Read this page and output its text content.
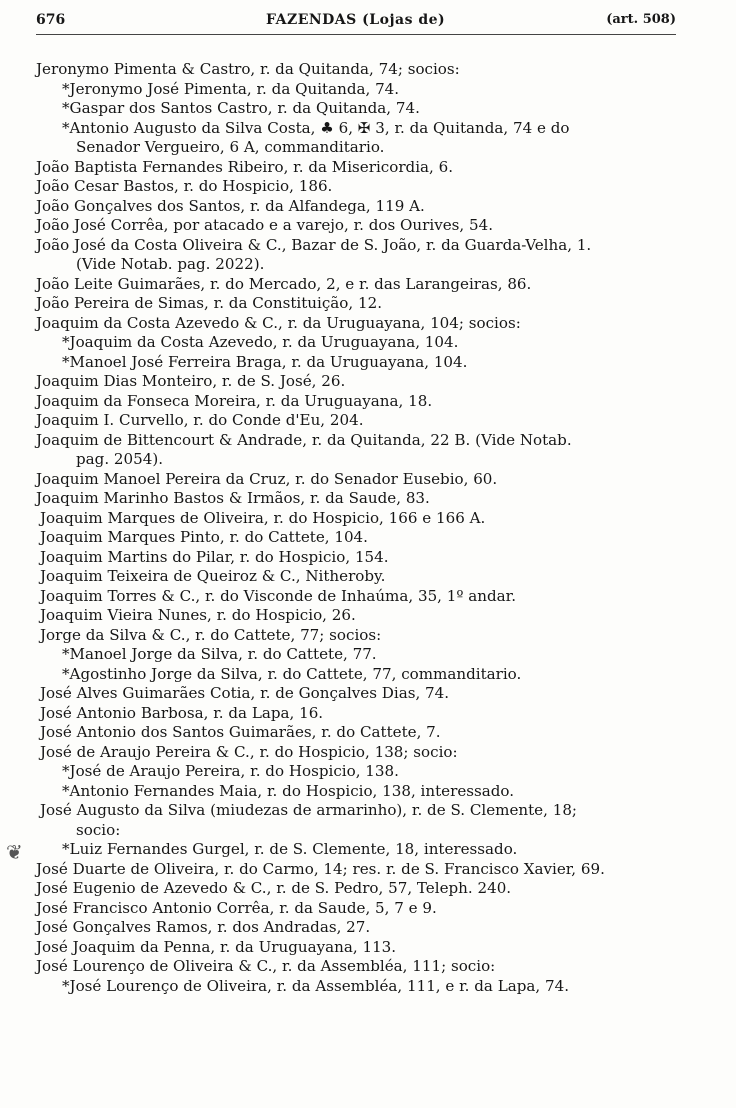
676	FAZENDAS (Lojas de)	(art. 508)
Jeronymo Pimenta & Castro, r. da Quitanda, 74; socios:
*Jeronymo José Pimenta, r. da Quitanda, 74.
*Gaspar dos Santos Castro, r. da Quitanda, 74.
*Antonio Augusto da Silva Costa, ♣ 6, ✠ 3, r. da Quitanda, 74 e do
Senador Vergueiro, 6 A, commanditario.
João Baptista Fernandes Ribeiro, r. da Misericordia, 6.
João Cesar Bastos, r. do Hospicio, 186.
João Gonçalves dos Santos, r. da Alfandega, 119 A.
João José Corrêa, por atacado e a varejo, r. dos Ourives, 54.
João José da Costa Oliveira & C., Bazar de S. João, r. da Guarda-Velha, 1.
(Vide Notab. pag. 2022).
João Leite Guimarães, r. do Mercado, 2, e r. das Larangeiras, 86.
João Pereira de Simas, r. da Constituição, 12.
Joaquim da Costa Azevedo & C., r. da Uruguayana, 104; socios:
*Joaquim da Costa Azevedo, r. da Uruguayana, 104.
*Manoel José Ferreira Braga, r. da Uruguayana, 104.
Joaquim Dias Monteiro, r. de S. José, 26.
Joaquim da Fonseca Moreira, r. da Uruguayana, 18.
Joaquim I. Curvello, r. do Conde d'Eu, 204.
Joaquim de Bittencourt & Andrade, r. da Quitanda, 22 B. (Vide Notab.
pag. 2054).
Joaquim Manoel Pereira da Cruz, r. do Senador Eusebio, 60.
Joaquim Marinho Bastos & Irmãos, r. da Saude, 83.
Joaquim Marques de Oliveira, r. do Hospicio, 166 e 166 A.
Joaquim Marques Pinto, r. do Cattete, 104.
Joaquim Martins do Pilar, r. do Hospicio, 154.
Joaquim Teixeira de Queiroz & C., Nitheroby.
Joaquim Torres & C., r. do Visconde de Inhaúma, 35, 1º andar.
Joaquim Vieira Nunes, r. do Hospicio, 26.
Jorge da Silva & C., r. do Cattete, 77; socios:
*Manoel Jorge da Silva, r. do Cattete, 77.
*Agostinho Jorge da Silva, r. do Cattete, 77, commanditario.
José Alves Guimarães Cotia, r. de Gonçalves Dias, 74.
José Antonio Barbosa, r. da Lapa, 16.
José Antonio dos Santos Guimarães, r. do Cattete, 7.
José de Araujo Pereira & C., r. do Hospicio, 138; socio:
*José de Araujo Pereira, r. do Hospicio, 138.
*Antonio Fernandes Maia, r. do Hospicio, 138, interessado.
José Augusto da Silva (miudezas de armarinho), r. de S. Clemente, 18;
socio:
*Luiz Fernandes Gurgel, r. de S. Clemente, 18, interessado.
José Duarte de Oliveira, r. do Carmo, 14; res. r. de S. Francisco Xavier, 69.
José Eugenio de Azevedo & C., r. de S. Pedro, 57, Teleph. 240.
José Francisco Antonio Corrêa, r. da Saude, 5, 7 e 9.
José Gonçalves Ramos, r. dos Andradas, 27.
José Joaquim da Penna, r. da Uruguayana, 113.
José Lourenço de Oliveira & C., r. da Assembléa, 111; socio:
*José Lourenço de Oliveira, r. da Assembléa, 111, e r. da Lapa, 74.
❦
